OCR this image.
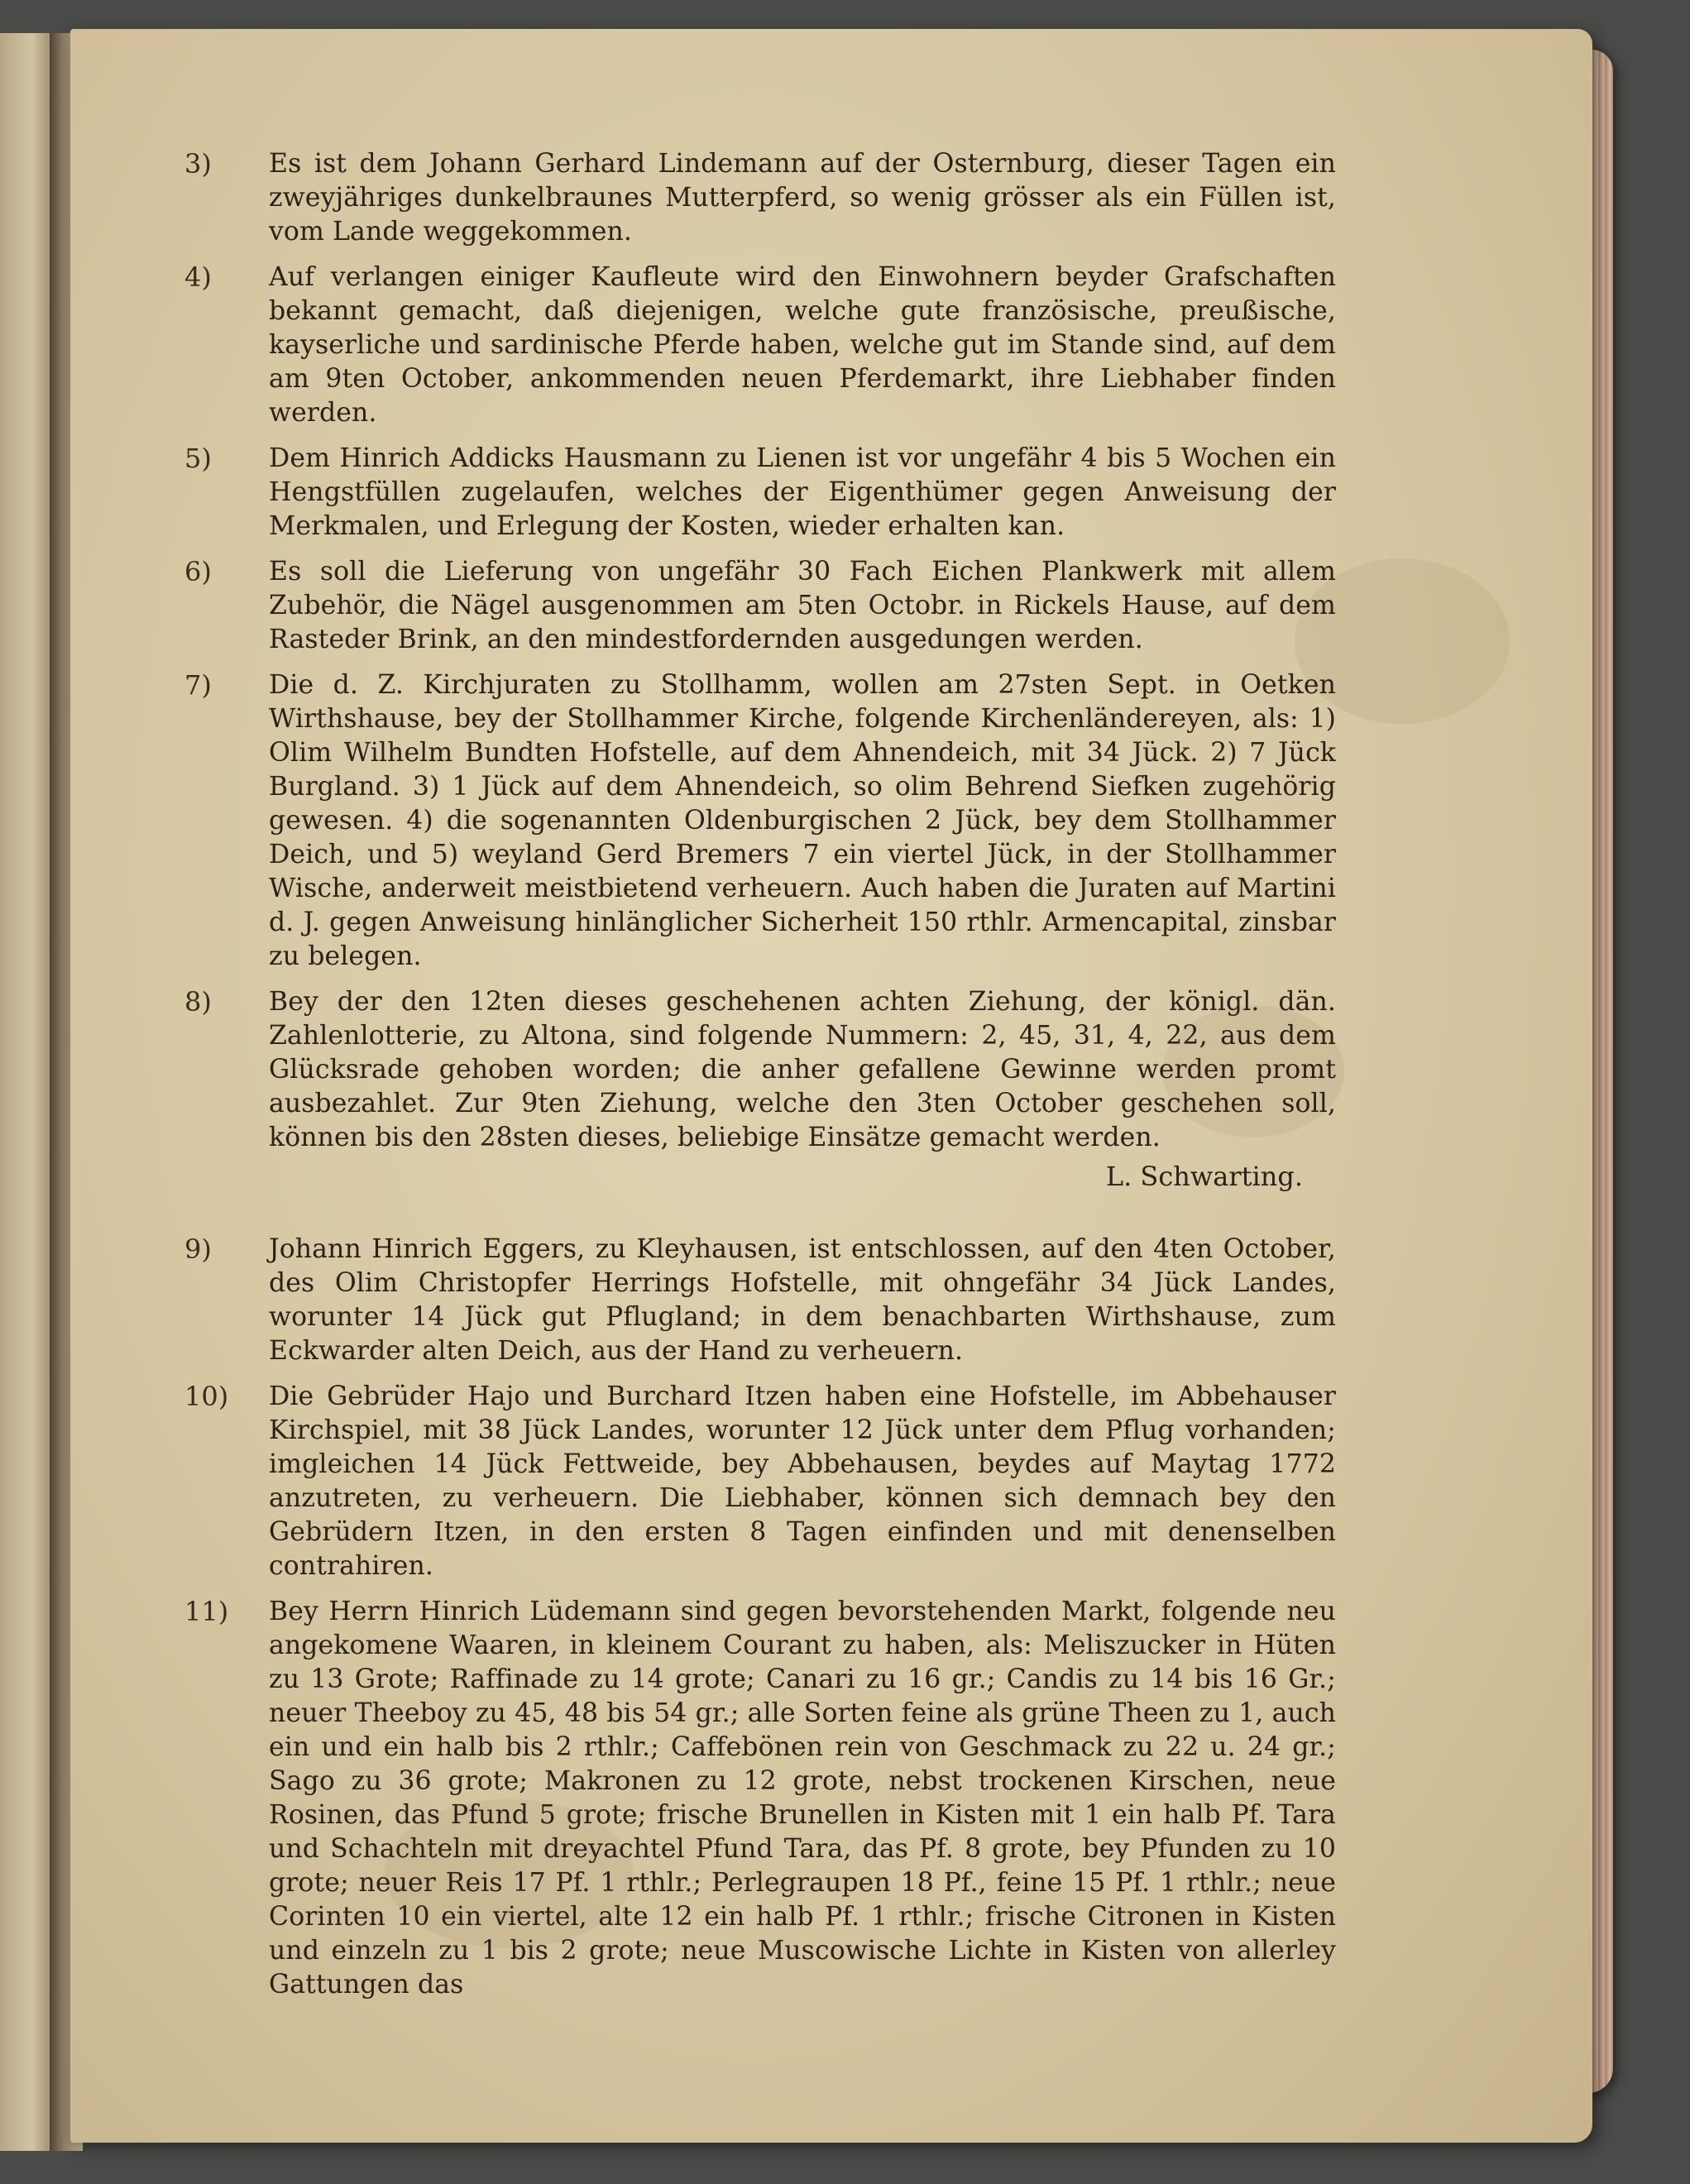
3)	Es ist dem Johann Gerhard Lindemann auf der Osternburg, dieser Tagen ein zweyjähriges dunkelbraunes Mutterpferd, so wenig grösser als ein Füllen ist, vom Lande weggekommen.
4)	Auf verlangen einiger Kaufleute wird den Einwohnern beyder Grafschaften bekannt gemacht, daß diejenigen, welche gute französische, preußische, kayserliche und sardinische Pferde haben, welche gut im Stande sind, auf dem am 9ten October, ankommenden neuen Pferdemarkt, ihre Liebhaber finden werden.
5)	Dem Hinrich Addicks Hausmann zu Lienen ist vor ungefähr 4 bis 5 Wochen ein Hengstfüllen zugelaufen, welches der Eigenthümer gegen Anweisung der Merkmalen, und Erlegung der Kosten, wieder erhalten kan.
6)	Es soll die Lieferung von ungefähr 30 Fach Eichen Plankwerk mit allem Zubehör, die Nägel ausgenommen am 5ten Octobr. in Rickels Hause, auf dem Rasteder Brink, an den mindestfordernden ausgedungen werden.
7)	Die d. Z. Kirchjuraten zu Stollhamm, wollen am 27sten Sept. in Oetken Wirthshause, bey der Stollhammer Kirche, folgende Kirchenländereyen, als: 1) Olim Wilhelm Bundten Hofstelle, auf dem Ahnendeich, mit 34 Jück. 2) 7 Jück Burgland. 3) 1 Jück auf dem Ahnendeich, so olim Behrend Siefken zugehörig gewesen. 4) die sogenannten Oldenburgischen 2 Jück, bey dem Stollhammer Deich, und 5) weyland Gerd Bremers 7 ein viertel Jück, in der Stollhammer Wische, anderweit meistbietend verheuern. Auch haben die Juraten auf Martini d. J. gegen Anweisung hinlänglicher Sicherheit 150 rthlr. Armencapital, zinsbar zu belegen.
8)	Bey der den 12ten dieses geschehenen achten Ziehung, der königl. dän. Zahlenlotterie, zu Altona, sind folgende Nummern: 2, 45, 31, 4, 22, aus dem Glücksrade gehoben worden; die anher gefallene Gewinne werden promt ausbezahlet. Zur 9ten Ziehung, welche den 3ten October geschehen soll, können bis den 28sten dieses, beliebige Einsätze gemacht werden.
L. Schwarting.
9)	Johann Hinrich Eggers, zu Kleyhausen, ist entschlossen, auf den 4ten October, des Olim Christopfer Herrings Hofstelle, mit ohngefähr 34 Jück Landes, worunter 14 Jück gut Pflugland; in dem benachbarten Wirthshause, zum Eckwarder alten Deich, aus der Hand zu verheuern.
10)	Die Gebrüder Hajo und Burchard Itzen haben eine Hofstelle, im Abbehauser Kirchspiel, mit 38 Jück Landes, worunter 12 Jück unter dem Pflug vorhanden; imgleichen 14 Jück Fettweide, bey Abbehausen, beydes auf Maytag 1772 anzutreten, zu verheuern. Die Liebhaber, können sich demnach bey den Gebrüdern Itzen, in den ersten 8 Tagen einfinden und mit denenselben contrahiren.
11)	Bey Herrn Hinrich Lüdemann sind gegen bevorstehenden Markt, folgende neu angekomene Waaren, in kleinem Courant zu haben, als: Meliszucker in Hüten zu 13 Grote; Raffinade zu 14 grote; Canari zu 16 gr.; Candis zu 14 bis 16 Gr.; neuer Theeboy zu 45, 48 bis 54 gr.; alle Sorten feine als grüne Theen zu 1, auch ein und ein halb bis 2 rthlr.; Caffebönen rein von Geschmack zu 22 u. 24 gr.; Sago zu 36 grote; Makronen zu 12 grote, nebst trockenen Kirschen, neue Rosinen, das Pfund 5 grote; frische Brunellen in Kisten mit 1 ein halb Pf. Tara und Schachteln mit dreyachtel Pfund Tara, das Pf. 8 grote, bey Pfunden zu 10 grote; neuer Reis 17 Pf. 1 rthlr.; Perlegraupen 18 Pf., feine 15 Pf. 1 rthlr.; neue Corinten 10 ein viertel, alte 12 ein halb Pf. 1 rthlr.; frische Citronen in Kisten und einzeln zu 1 bis 2 grote; neue Muscowische Lichte in Kisten von allerley Gattungen das
